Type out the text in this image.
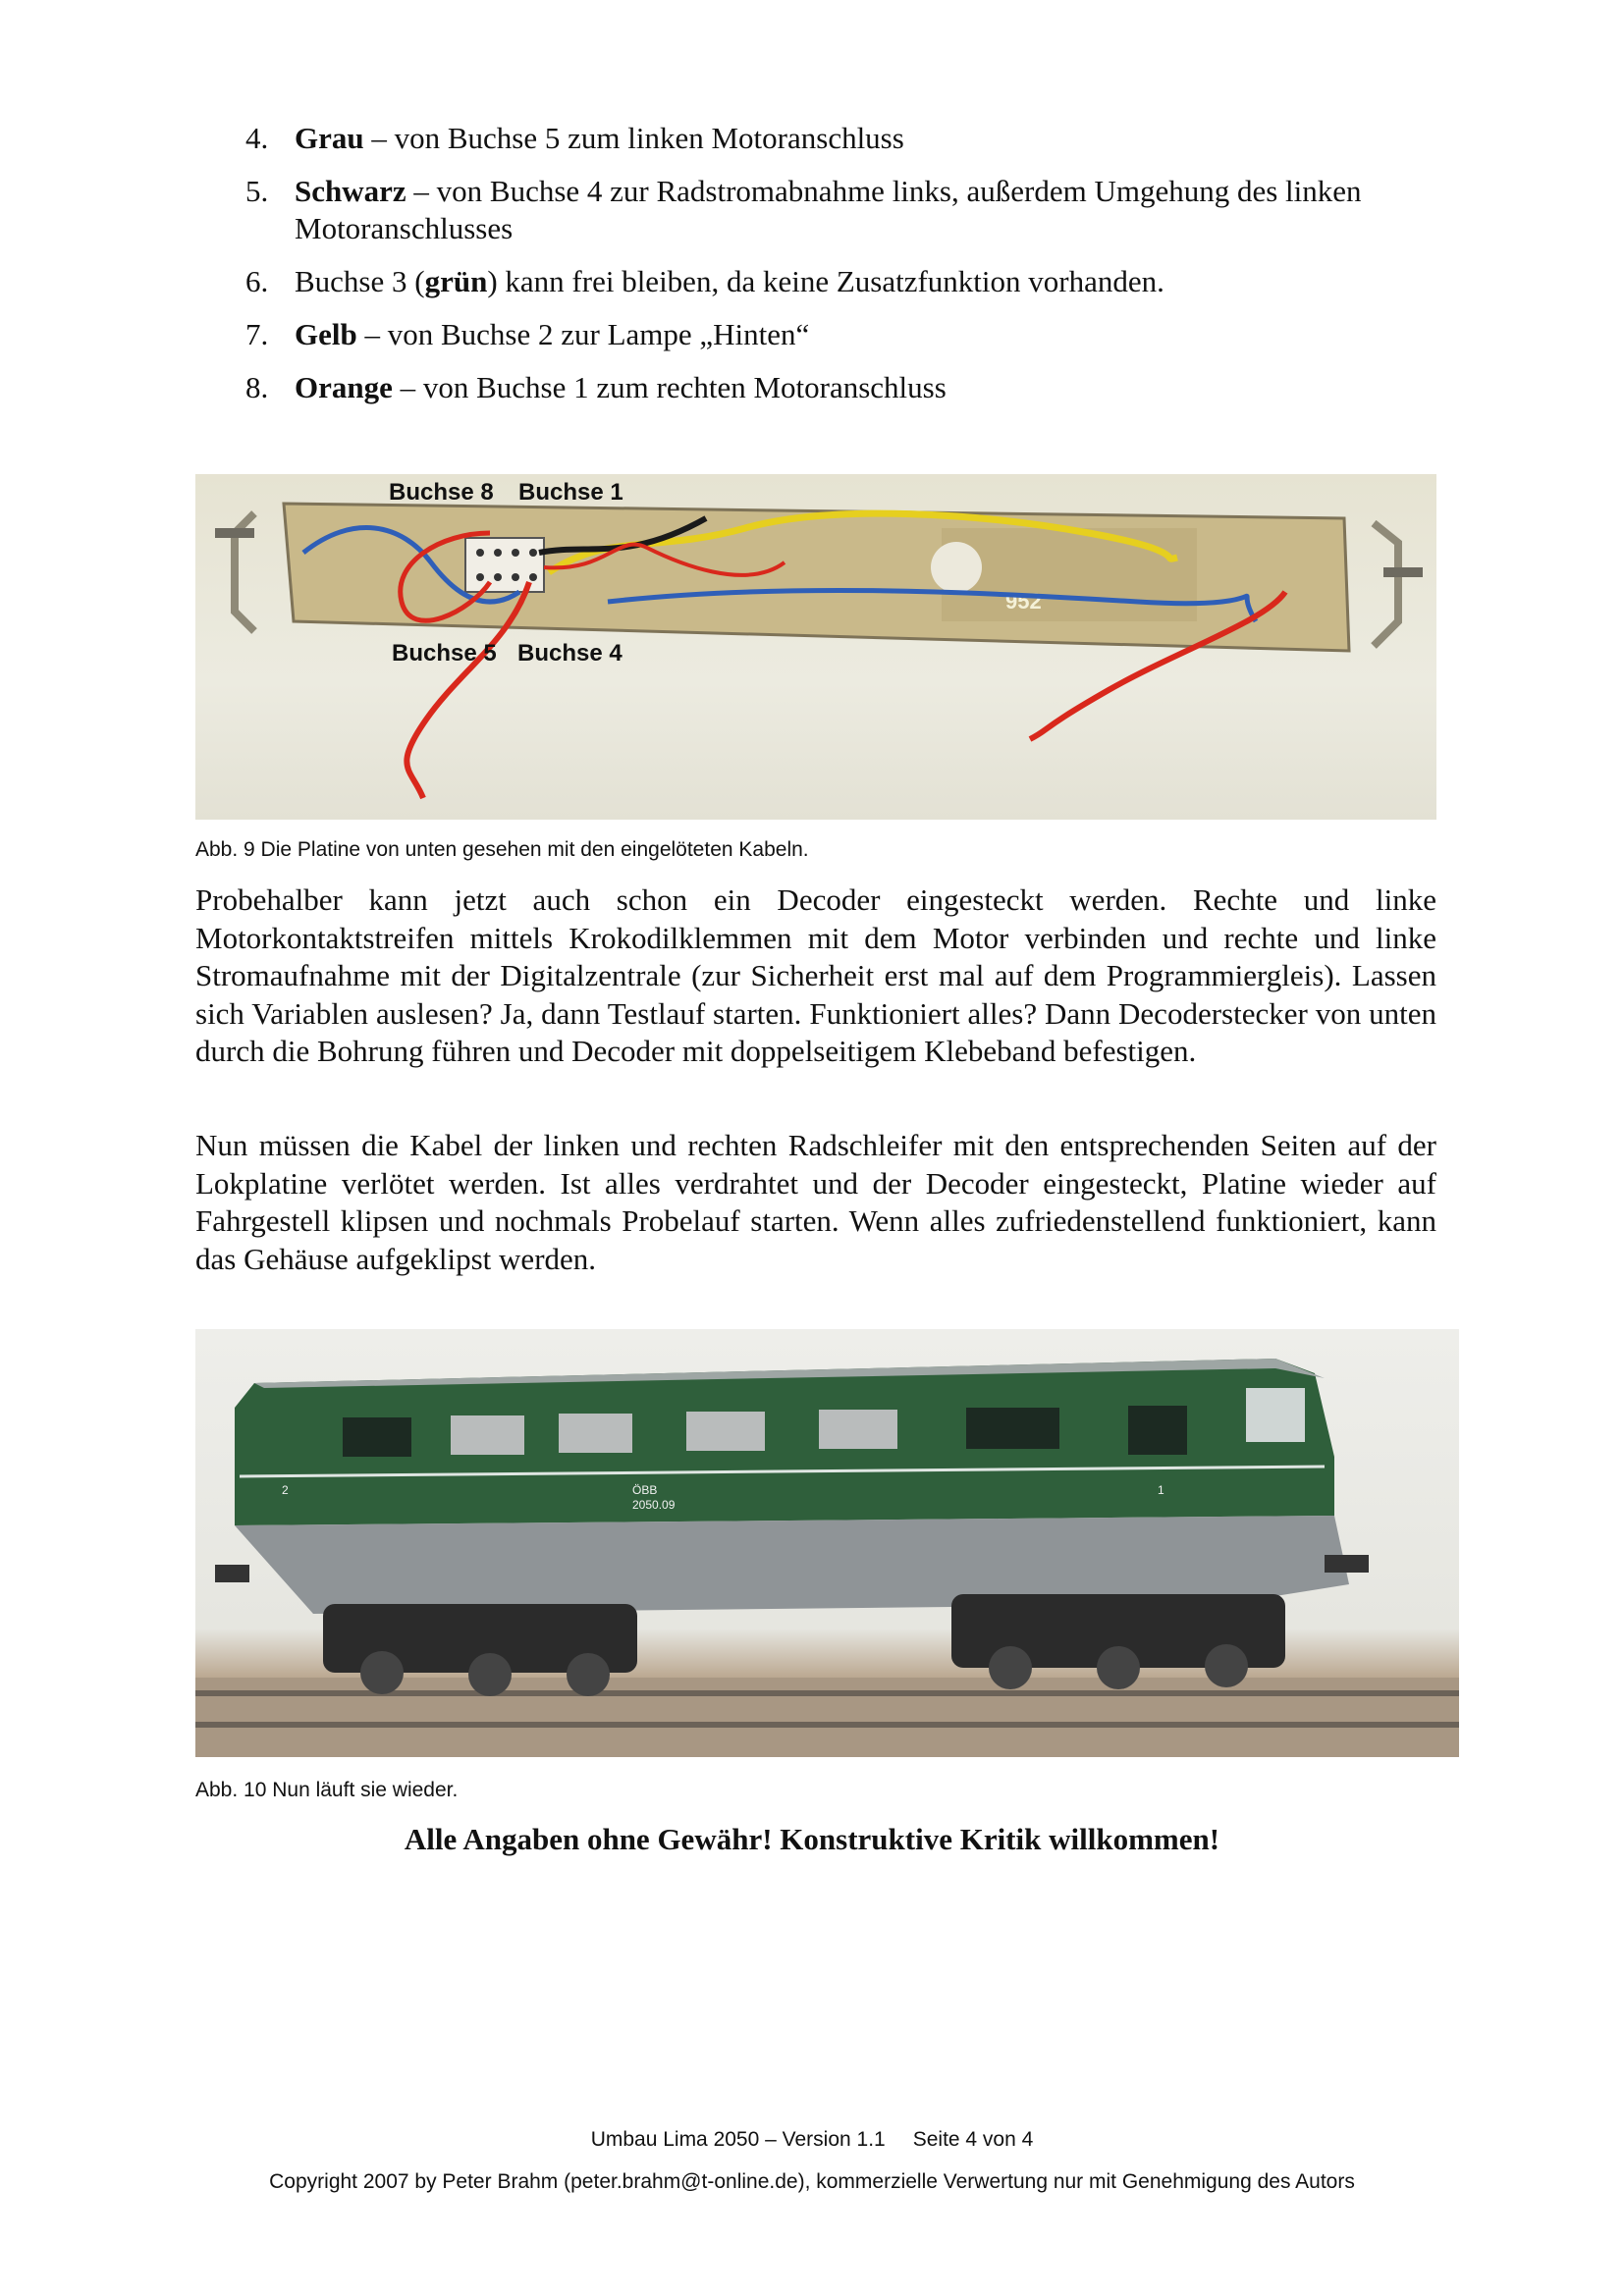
4. Grau – von Buchse 5 zum linken Motoranschluss
5. Schwarz – von Buchse 4 zur Radstromabnahme links, außerdem Umgehung des linken Motoranschlusses
6. Buchse 3 (grün) kann frei bleiben, da keine Zusatzfunktion vorhanden.
7. Gelb – von Buchse 2 zur Lampe „Hinten“
8. Orange – von Buchse 1 zum rechten Motoranschluss
952
Buchse 8 Buchse 1
Buchse 5 Buchse 4
Abb. 9 Die Platine von unten gesehen mit den eingelöteten Kabeln.

Probehalber kann jetzt auch schon ein Decoder eingesteckt werden. Rechte und linke Motorkontaktstreifen mittels Krokodilklemmen mit dem Motor verbinden und rechte und linke Stromaufnahme mit der Digitalzentrale (zur Sicherheit erst mal auf dem Programmiergleis). Lassen sich Variablen auslesen? Ja, dann Testlauf starten. Funktioniert alles? Dann Decoderstecker von unten durch die Bohrung führen und Decoder mit doppelseitigem Klebeband befestigen.

Nun müssen die Kabel der linken und rechten Radschleifer mit den entsprechenden Seiten auf der Lokplatine verlötet werden. Ist alles verdrahtet und der Decoder eingesteckt, Platine wieder auf Fahrgestell klipsen und nochmals Probelauf starten. Wenn alles zufriedenstellend funktioniert, kann das Gehäuse aufgeklipst werden.

ÖBB
2050.09
2	1
Abb. 10 Nun läuft sie wieder.
Alle Angaben ohne Gewähr! Konstruktive Kritik willkommen!
Umbau Lima 2050 – Version 1.1 Seite 4 von 4
Copyright 2007 by Peter Brahm (peter.brahm@t-online.de), kommerzielle Verwertung nur mit Genehmigung des Autors
